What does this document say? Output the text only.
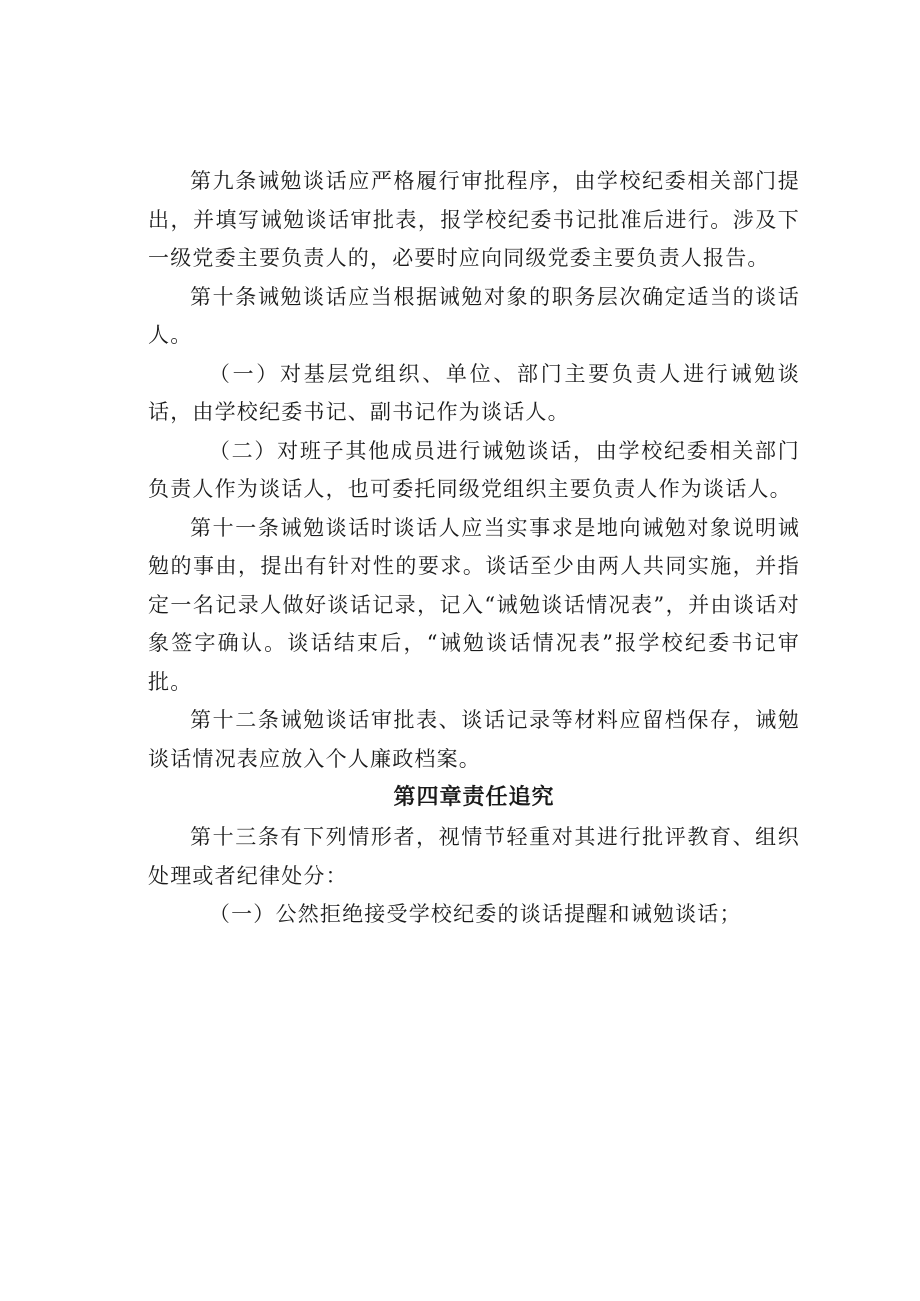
第九条诫勉谈话应严格履行审批程序，由学校纪委相关部门提出，并填写诫勉谈话审批表，报学校纪委书记批准后进行。涉及下一级党委主要负责人的，必要时应向同级党委主要负责人报告。

第十条诫勉谈话应当根据诫勉对象的职务层次确定适当的谈话人。

（一）对基层党组织、单位、部门主要负责人进行诫勉谈话，由学校纪委书记、副书记作为谈话人。

（二）对班子其他成员进行诫勉谈话，由学校纪委相关部门负责人作为谈话人，也可委托同级党组织主要负责人作为谈话人。

第十一条诫勉谈话时谈话人应当实事求是地向诫勉对象说明诫勉的事由，提出有针对性的要求。谈话至少由两人共同实施，并指定一名记录人做好谈话记录，记入“诫勉谈话情况表”，并由谈话对象签字确认。谈话结束后，“诫勉谈话情况表”报学校纪委书记审批。

第十二条诫勉谈话审批表、谈话记录等材料应留档保存，诫勉谈话情况表应放入个人廉政档案。

第四章责任追究

第十三条有下列情形者，视情节轻重对其进行批评教育、组织处理或者纪律处分：

（一）公然拒绝接受学校纪委的谈话提醒和诫勉谈话；
